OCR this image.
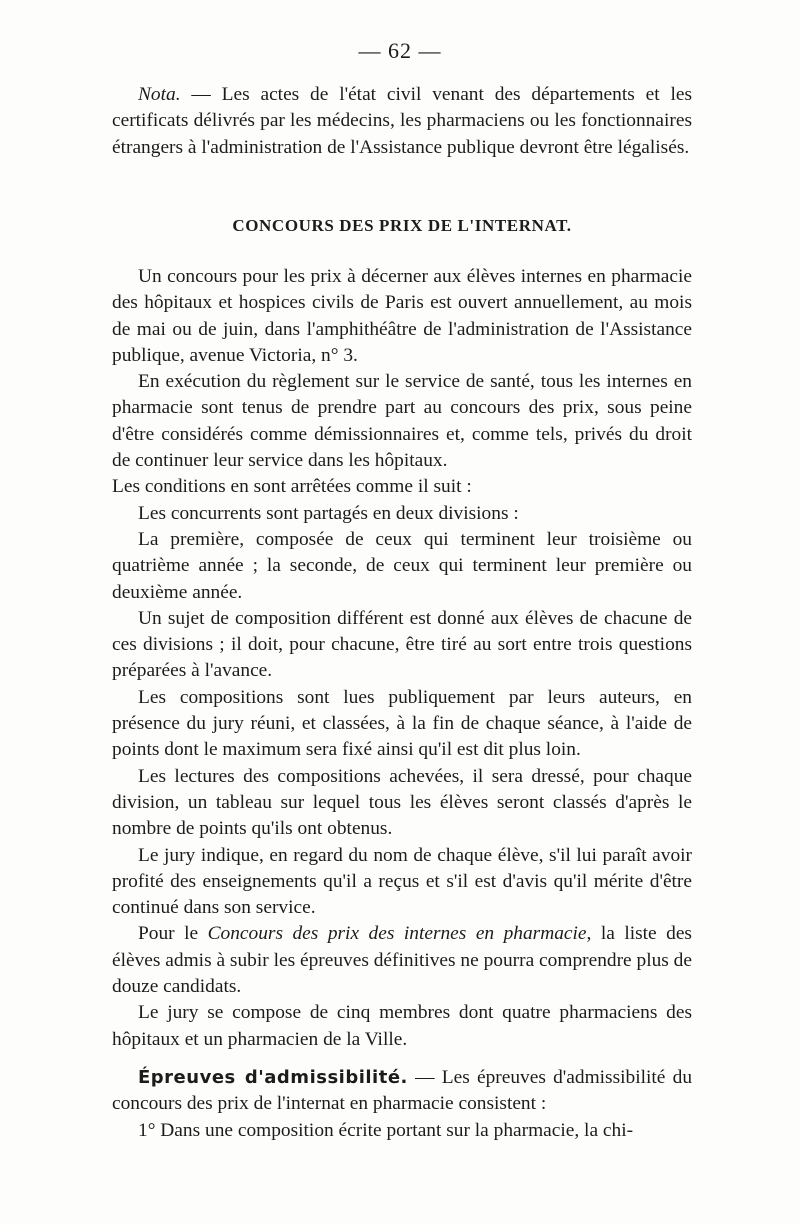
— 62 —

Nota. — Les actes de l'état civil venant des départements et les certificats délivrés par les médecins, les pharmaciens ou les fonctionnaires étrangers à l'administration de l'Assistance publique devront être légalisés.

CONCOURS DES PRIX DE L'INTERNAT.

Un concours pour les prix à décerner aux élèves internes en pharmacie des hôpitaux et hospices civils de Paris est ouvert annuellement, au mois de mai ou de juin, dans l'amphithéâtre de l'administration de l'Assistance publique, avenue Victoria, n° 3.

En exécution du règlement sur le service de santé, tous les internes en pharmacie sont tenus de prendre part au concours des prix, sous peine d'être considérés comme démissionnaires et, comme tels, privés du droit de continuer leur service dans les hôpitaux.

Les conditions en sont arrêtées comme il suit :

Les concurrents sont partagés en deux divisions :

La première, composée de ceux qui terminent leur troisième ou quatrième année ; la seconde, de ceux qui terminent leur première ou deuxième année.

Un sujet de composition différent est donné aux élèves de chacune de ces divisions ; il doit, pour chacune, être tiré au sort entre trois questions préparées à l'avance.

Les compositions sont lues publiquement par leurs auteurs, en présence du jury réuni, et classées, à la fin de chaque séance, à l'aide de points dont le maximum sera fixé ainsi qu'il est dit plus loin.

Les lectures des compositions achevées, il sera dressé, pour chaque division, un tableau sur lequel tous les élèves seront classés d'après le nombre de points qu'ils ont obtenus.

Le jury indique, en regard du nom de chaque élève, s'il lui paraît avoir profité des enseignements qu'il a reçus et s'il est d'avis qu'il mérite d'être continué dans son service.

Pour le Concours des prix des internes en pharmacie, la liste des élèves admis à subir les épreuves définitives ne pourra comprendre plus de douze candidats.

Le jury se compose de cinq membres dont quatre pharmaciens des hôpitaux et un pharmacien de la Ville.

Épreuves d'admissibilité. — Les épreuves d'admissibilité du concours des prix de l'internat en pharmacie consistent :

1° Dans une composition écrite portant sur la pharmacie, la chi-
